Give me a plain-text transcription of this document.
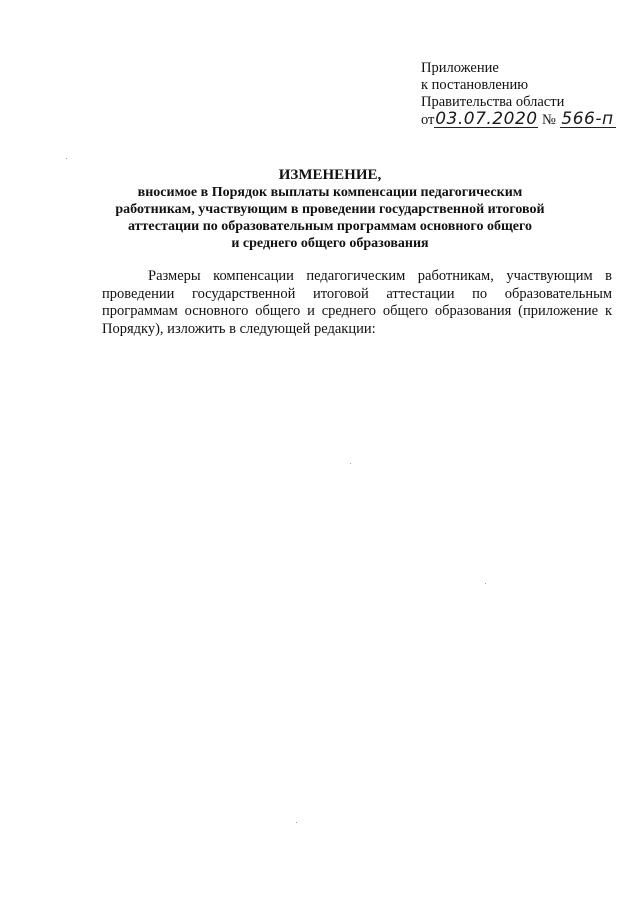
Приложение
к постановлению
Правительства области
от03.07.2020 № 566-п
ИЗМЕНЕНИЕ,
вносимое в Порядок выплаты компенсации педагогическим
работникам, участвующим в проведении государственной итоговой
аттестации по образовательным программам основного общего
и среднего общего образования
Размеры компенсации педагогическим работникам, участвующим в проведении государственной итоговой аттестации по образовательным программам основного общего и среднего общего образования (приложение к Порядку), изложить в следующей редакции:
